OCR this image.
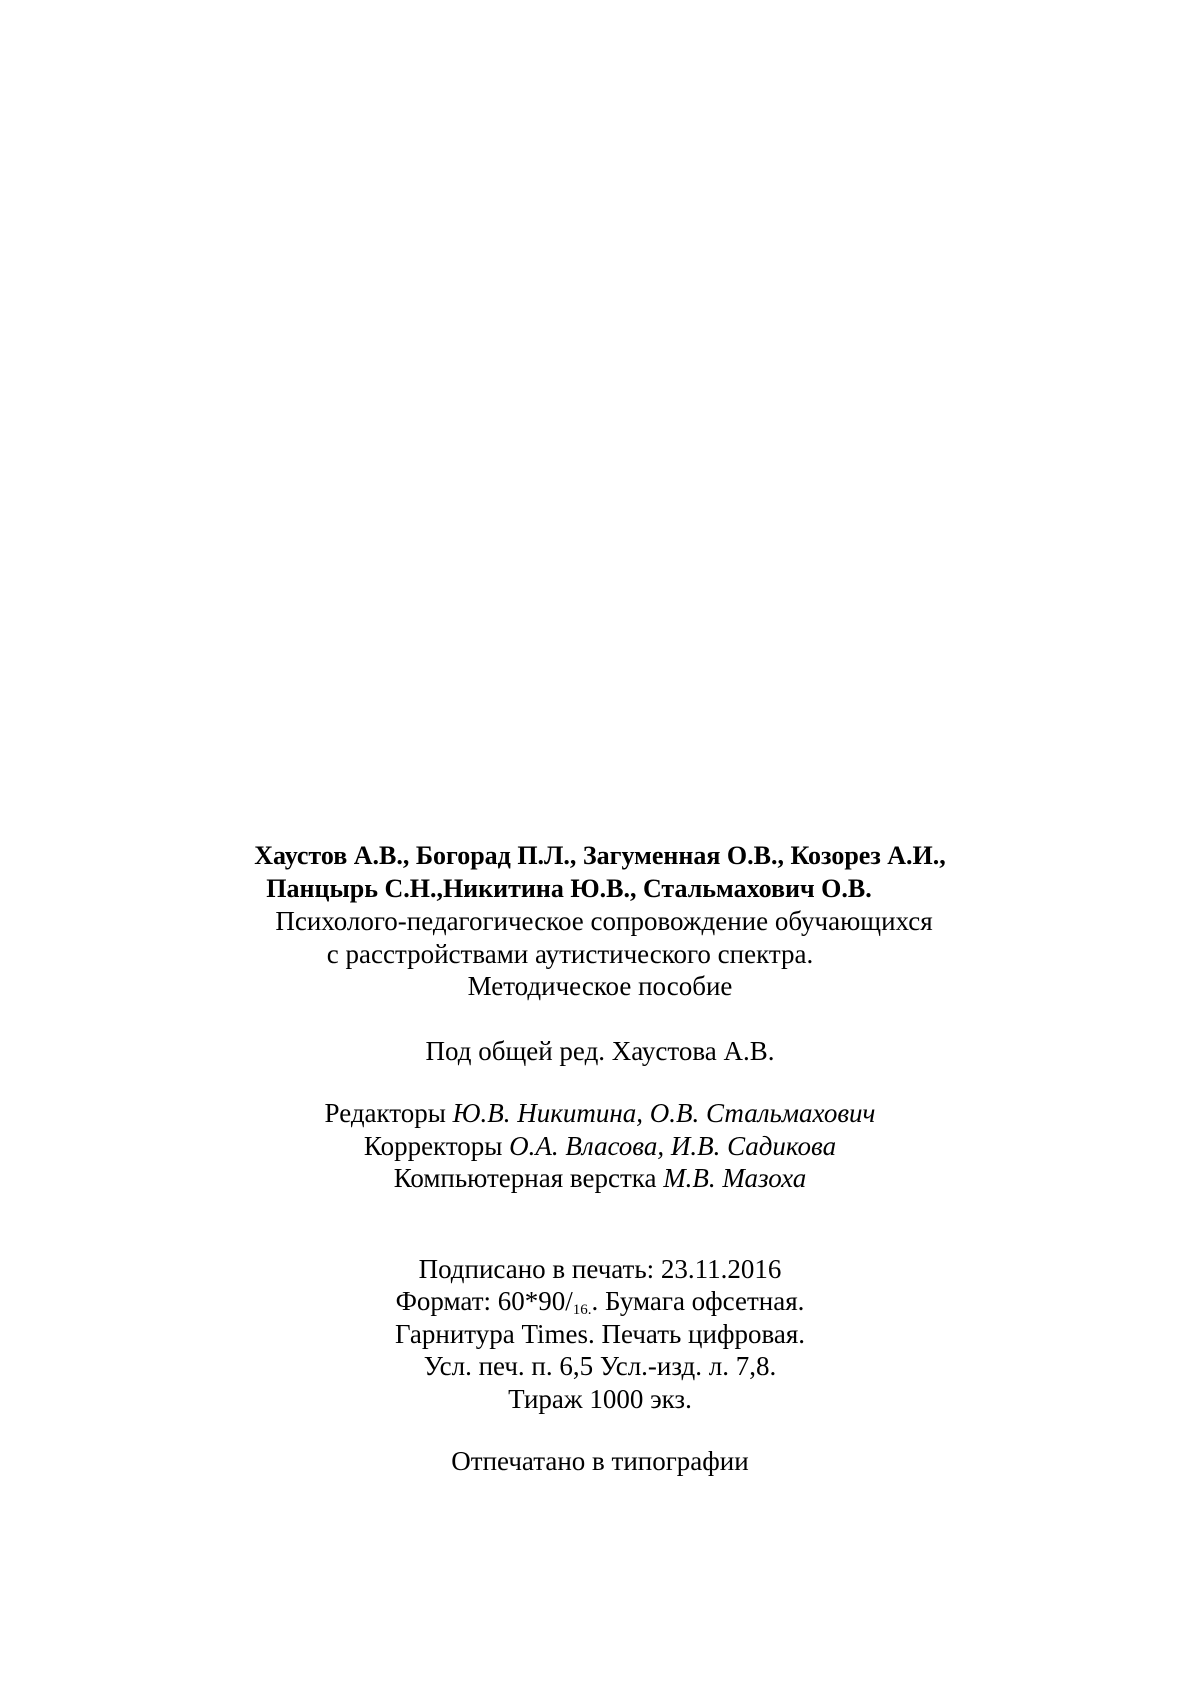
Хаустов А.В., Богорад П.Л., Загуменная О.В., Козорез А.И.,
Панцырь С.Н.,Никитина Ю.В., Стальмахович О.В.
Психолого-педагогическое сопровождение обучающихся
с расстройствами аутистического спектра.
Методическое пособие
Под общей ред. Хаустова А.В.
Редакторы Ю.В. Никитина, О.В. Стальмахович
Корректоры О.А. Власова, И.В. Садикова
Компьютерная верстка М.В. Мазоха
Подписано в печать: 23.11.2016
Формат: $60*90/_{16.}$. Бумага офсетная.
Гарнитура Times. Печать цифровая.
Усл. печ. п. 6,5 Усл.-изд. л. 7,8.
Тираж 1000 экз.
Отпечатано в типографии
